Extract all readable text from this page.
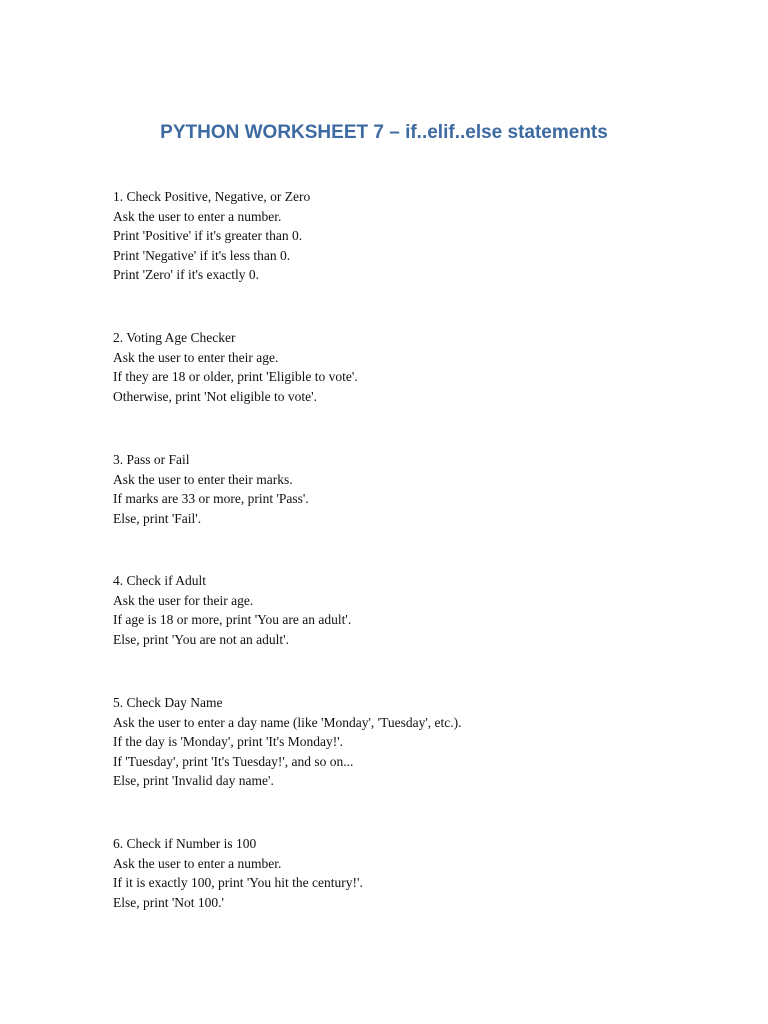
PYTHON WORKSHEET 7 – if..elif..else statements
1. Check Positive, Negative, or Zero
Ask the user to enter a number.
Print 'Positive' if it's greater than 0.
Print 'Negative' if it's less than 0.
Print 'Zero' if it's exactly 0.
2. Voting Age Checker
Ask the user to enter their age.
If they are 18 or older, print 'Eligible to vote'.
Otherwise, print 'Not eligible to vote'.
3. Pass or Fail
Ask the user to enter their marks.
If marks are 33 or more, print 'Pass'.
Else, print 'Fail'.
4. Check if Adult
Ask the user for their age.
If age is 18 or more, print 'You are an adult'.
Else, print 'You are not an adult'.
5. Check Day Name
Ask the user to enter a day name (like 'Monday', 'Tuesday', etc.).
If the day is 'Monday', print 'It's Monday!'.
If 'Tuesday', print 'It's Tuesday!', and so on...
Else, print 'Invalid day name'.
6. Check if Number is 100
Ask the user to enter a number.
If it is exactly 100, print 'You hit the century!'.
Else, print 'Not 100.'
